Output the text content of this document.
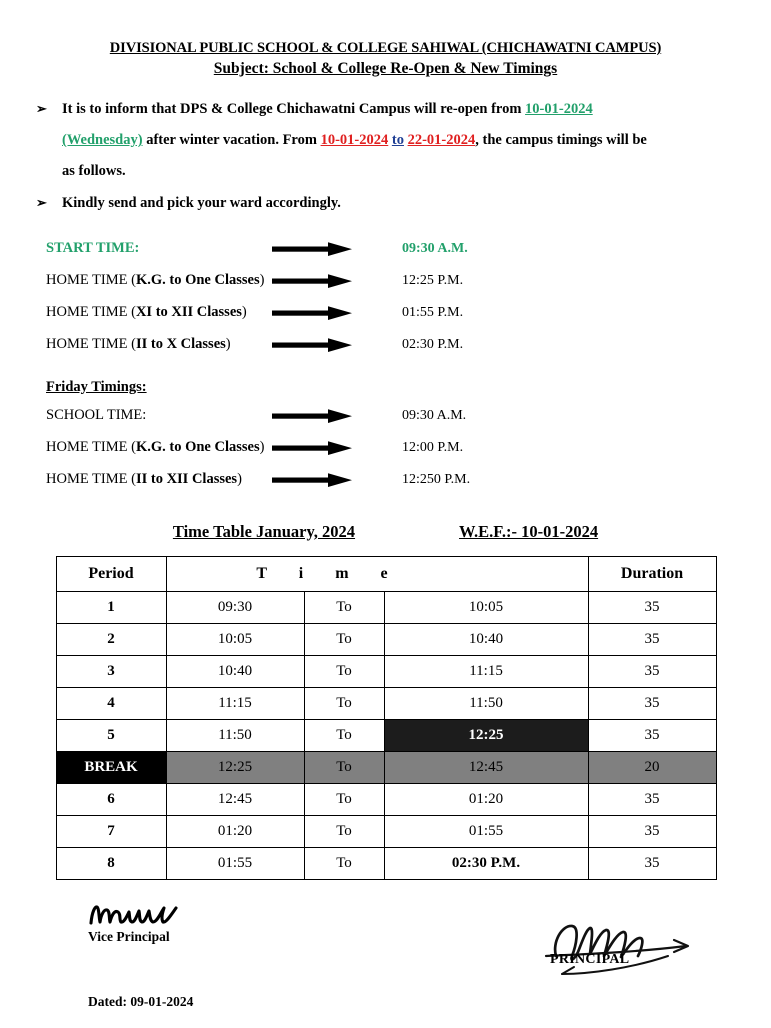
DIVISIONAL PUBLIC SCHOOL & COLLEGE SAHIWAL (CHICHAWATNI CAMPUS)
Subject: School & College Re-Open & New Timings
➢	It is to inform that DPS & College Chichawatni Campus will re-open from 10-01-2024
(Wednesday) after winter vacation. From 10-01-2024 to 22-01-2024, the campus timings will be
as follows.
➢	Kindly send and pick your ward accordingly.
START TIME:	09:30 A.M.
HOME TIME (K.G. to One Classes)	12:25 P.M.
HOME TIME (XI to XII Classes)	01:55 P.M.
HOME TIME (II to X Classes)	02:30 P.M.
Friday Timings:
SCHOOL TIME:	09:30 A.M.
HOME TIME (K.G. to One Classes)	12:00 P.M.
HOME TIME (II to XII Classes)	12:250 P.M.
Time Table January, 2024	W.E.F.:- 10-01-2024
Period	T i m e			Duration
1	09:30	To	10:05	35
2	10:05	To	10:40	35
3	10:40	To	11:15	35
4	11:15	To	11:50	35
5	11:50	To	12:25	35
BREAK	12:25	To	12:45	20
6	12:45	To	01:20	35
7	01:20	To	01:55	35
8	01:55	To	02:30 P.M.	35
Vice Principal
PRINCIPAL
Dated: 09-01-2024
